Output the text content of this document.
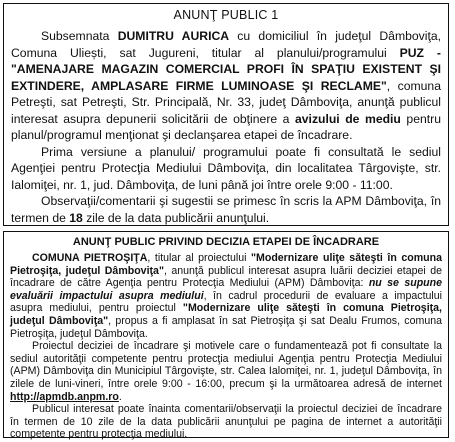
ANUNŢ PUBLIC 1

Subsemnata DUMITRU AURICA cu domiciliul în judeţul Dâmboviţa, Comuna Uliești, sat Jugureni, titular al planului/programului PUZ - "AMENAJARE MAGAZIN COMERCIAL PROFI ÎN SPAŢIU EXISTENT ŞI EXTINDERE, AMPLASARE FIRME LUMINOASE ŞI RECLAME", comuna Petreşti, sat Petreşti, Str. Principală, Nr. 33, judeţ Dâmboviţa, anunţă publicul interesat asupra depunerii solicitării de obţinere a avizului de mediu pentru planul/programul menţionat şi declanşarea etapei de încadrare.

Prima versiune a planului/ programului poate fi consultată le sediul Agenţiei pentru Protecţia Mediului Dâmboviţa, din localitatea Târgovişte, str. Ialomiţei, nr. 1, jud. Dâmboviţa, de luni până joi între orele 9:00 - 11:00.

Observaţii/comentarii şi sugestii se primesc în scris la APM Dâmboviţa, în termen de 18 zile de la data publicării anunţului.

ANUNŢ PUBLIC PRIVIND DECIZIA ETAPEI DE ÎNCADRARE

COMUNA PIETROŞIŢA, titular al proiectului "Modernizare uliţe săteşti în comuna Pietroşiţa, judeţul Dâmboviţa", anunţă publicul interesat asupra luării deciziei etapei de încadrare de către Agenţia pentru Protecţia Mediului (APM) Dâmboviţa: nu se supune evaluării impactului asupra mediului, în cadrul procedurii de evaluare a impactului asupra mediului, pentru proiectul "Modernizare uliţe săteşti în comuna Pietroşiţa, judeţul Dâmboviţa", propus a fi amplasat în sat Pietroşiţa şi sat Dealu Frumos, comuna Pietroşiţa, judeţul Dâmboviţa.

Proiectul deciziei de încadrare şi motivele care o fundamentează pot fi consultate la sediul autorităţii competente pentru protecţia mediului Agenţia pentru Protecţia Mediului (APM) Dâmboviţa din Municipiul Târgovişte, str. Calea Ialomiţei, nr. 1, judeţul Dâmboviţa, în zilele de luni-vineri, între orele 9:00 - 16:00, precum şi la următoarea adresă de internet http://apmdb.anpm.ro.

Publicul interesat poate înainta comentarii/observaţii la proiectul deciziei de încadrare în termen de 10 zile de la data publicării anunţului pe pagina de internet a autorităţii competente pentru protecţia mediului.
